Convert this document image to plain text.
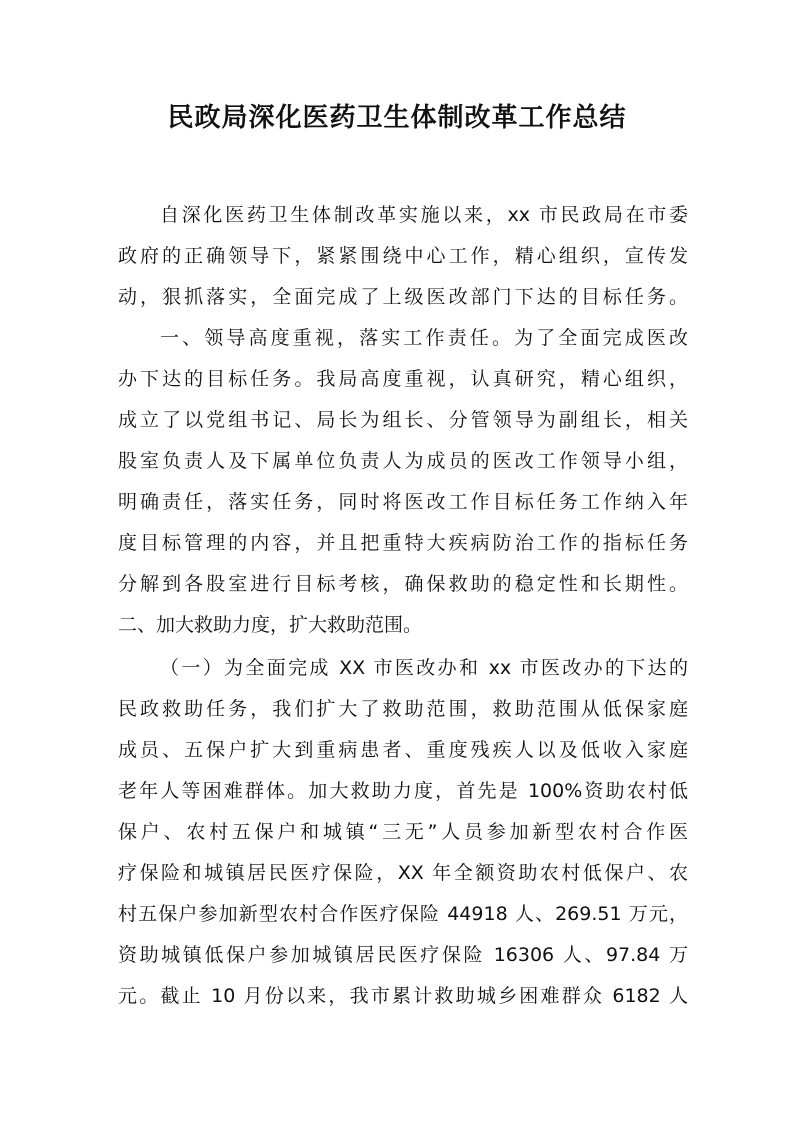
民政局深化医药卫生体制改革工作总结

自深化医药卫生体制改革实施以来，xx 市民政局在市委

政府的正确领导下，紧紧围绕中心工作，精心组织，宣传发

动，狠抓落实，全面完成了上级医改部门下达的目标任务。

一、领导高度重视，落实工作责任。为了全面完成医改

办下达的目标任务。我局高度重视，认真研究，精心组织，

成立了以党组书记、局长为组长、分管领导为副组长，相关

股室负责人及下属单位负责人为成员的医改工作领导小组，

明确责任，落实任务，同时将医改工作目标任务工作纳入年

度目标管理的内容，并且把重特大疾病防治工作的指标任务

分解到各股室进行目标考核，确保救助的稳定性和长期性。

二、加大救助力度，扩大救助范围。

（一）为全面完成 XX 市医改办和 xx 市医改办的下达的

民政救助任务，我们扩大了救助范围，救助范围从低保家庭

成员、五保户扩大到重病患者、重度残疾人以及低收入家庭

老年人等困难群体。加大救助力度，首先是 100%资助农村低

保户、农村五保户和城镇“三无”人员参加新型农村合作医

疗保险和城镇居民医疗保险，XX 年全额资助农村低保户、农

村五保户参加新型农村合作医疗保险 44918 人、269.51 万元，

资助城镇低保户参加城镇居民医疗保险 16306 人、97.84 万

元。截止 10 月份以来，我市累计救助城乡困难群众 6182 人
